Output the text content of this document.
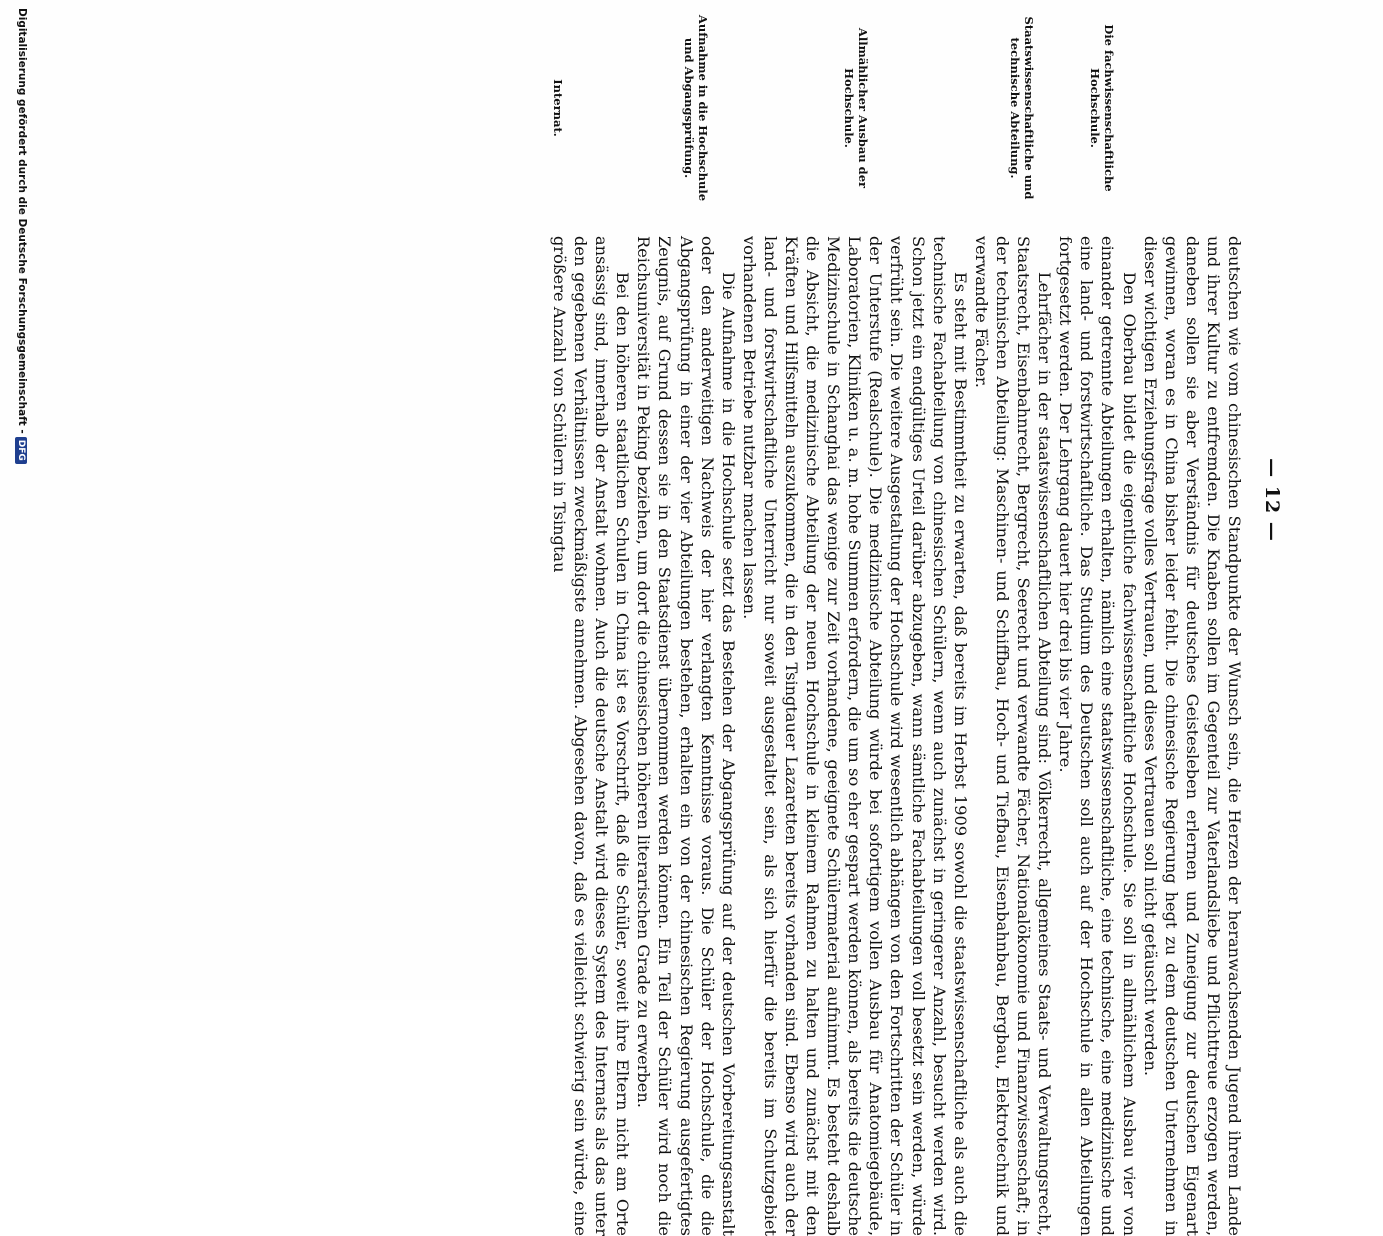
— 12 —
Die fachwissenschaftliche Hochschule.
Staatswissenschaftliche und technische Abteilung.
Allmählicher Ausbau der Hochschule.
Aufnahme in die Hochschule und Abgangsprüfung.
Internat.

deutschen wie vom chinesischen Standpunkte der Wunsch sein, die Herzen der heranwachsenden Jugend ihrem Lande und ihrer Kultur zu entfremden. Die Knaben sollen im Gegenteil zur Vaterlandsliebe und Pflichttreue erzogen werden, daneben sollen sie aber Verständnis für deutsches Geistesleben erlernen und Zuneigung zur deutschen Eigenart gewinnen, woran es in China bisher leider fehlt. Die chinesische Regierung hegt zu dem deutschen Unternehmen in dieser wichtigen Erziehungsfrage volles Vertrauen, und dieses Vertrauen soll nicht getäuscht werden.

Den Oberbau bildet die eigentliche fachwissenschaftliche Hochschule. Sie soll in allmählichem Ausbau vier von einander getrennte Abteilungen erhalten, nämlich eine staatswissenschaftliche, eine technische, eine medizinische und eine land- und forstwirtschaftliche. Das Studium des Deutschen soll auch auf der Hochschule in allen Abteilungen fortgesetzt werden. Der Lehrgang dauert hier drei bis vier Jahre.

Lehrfächer in der staatswissenschaftlichen Abteilung sind: Völkerrecht, allgemeines Staats- und Verwaltungsrecht, Staatsrecht, Eisenbahnrecht, Bergrecht, Seerecht und verwandte Fächer, Nationalökonomie und Finanzwissenschaft; in der technischen Abteilung: Maschinen- und Schiffbau, Hoch- und Tiefbau, Eisenbahnbau, Bergbau, Elektrotechnik und verwandte Fächer.

Es steht mit Bestimmtheit zu erwarten, daß bereits im Herbst 1909 sowohl die staatswissenschaftliche als auch die technische Fachabteilung von chinesischen Schülern, wenn auch zunächst in geringerer Anzahl, besucht werden wird. Schon jetzt ein endgültiges Urteil darüber abzugeben, wann sämtliche Fachabteilungen voll besetzt sein werden, würde verfrüht sein. Die weitere Ausgestaltung der Hochschule wird wesentlich abhängen von den Fortschritten der Schüler in der Unterstufe (Realschule). Die medizinische Abteilung würde bei sofortigem vollen Ausbau für Anatomiegebäude, Laboratorien, Kliniken u. a. m. hohe Summen erfordern, die um so eher gespart werden können, als bereits die deutsche Medizinschule in Schanghai das wenige zur Zeit vorhandene, geeignete Schülermaterial aufnimmt. Es besteht deshalb die Absicht, die medizinische Abteilung der neuen Hochschule in kleinem Rahmen zu halten und zunächst mit den Kräften und Hilfsmitteln auszukommen, die in den Tsingtauer Lazaretten bereits vorhanden sind. Ebenso wird auch der land- und forstwirtschaftliche Unterricht nur soweit ausgestaltet sein, als sich hierfür die bereits im Schutzgebiet vorhandenen Betriebe nutzbar machen lassen.

Die Aufnahme in die Hochschule setzt das Bestehen der Abgangsprüfung auf der deutschen Vorbereitungsanstalt oder den anderweitigen Nachweis der hier verlangten Kenntnisse voraus. Die Schüler der Hochschule, die die Abgangsprüfung in einer der vier Abteilungen bestehen, erhalten ein von der chinesischen Regierung ausgefertigtes Zeugnis, auf Grund dessen sie in den Staatsdienst übernommen werden können. Ein Teil der Schüler wird noch die Reichsuniversität in Peking beziehen, um dort die chinesischen höheren literarischen Grade zu erwerben.

Bei den höheren staatlichen Schulen in China ist es Vorschrift, daß die Schüler, soweit ihre Eltern nicht am Orte ansässig sind, innerhalb der Anstalt wohnen. Auch die deutsche Anstalt wird dieses System des Internats als das unter den gegebenen Verhältnissen zweckmäßigste annehmen. Abgesehen davon, daß es vielleicht schwierig sein würde, eine größere Anzahl von Schülern in Tsingtau

Digitalisierung gefördert durch die Deutsche Forschungsgemeinschaft -DFG
